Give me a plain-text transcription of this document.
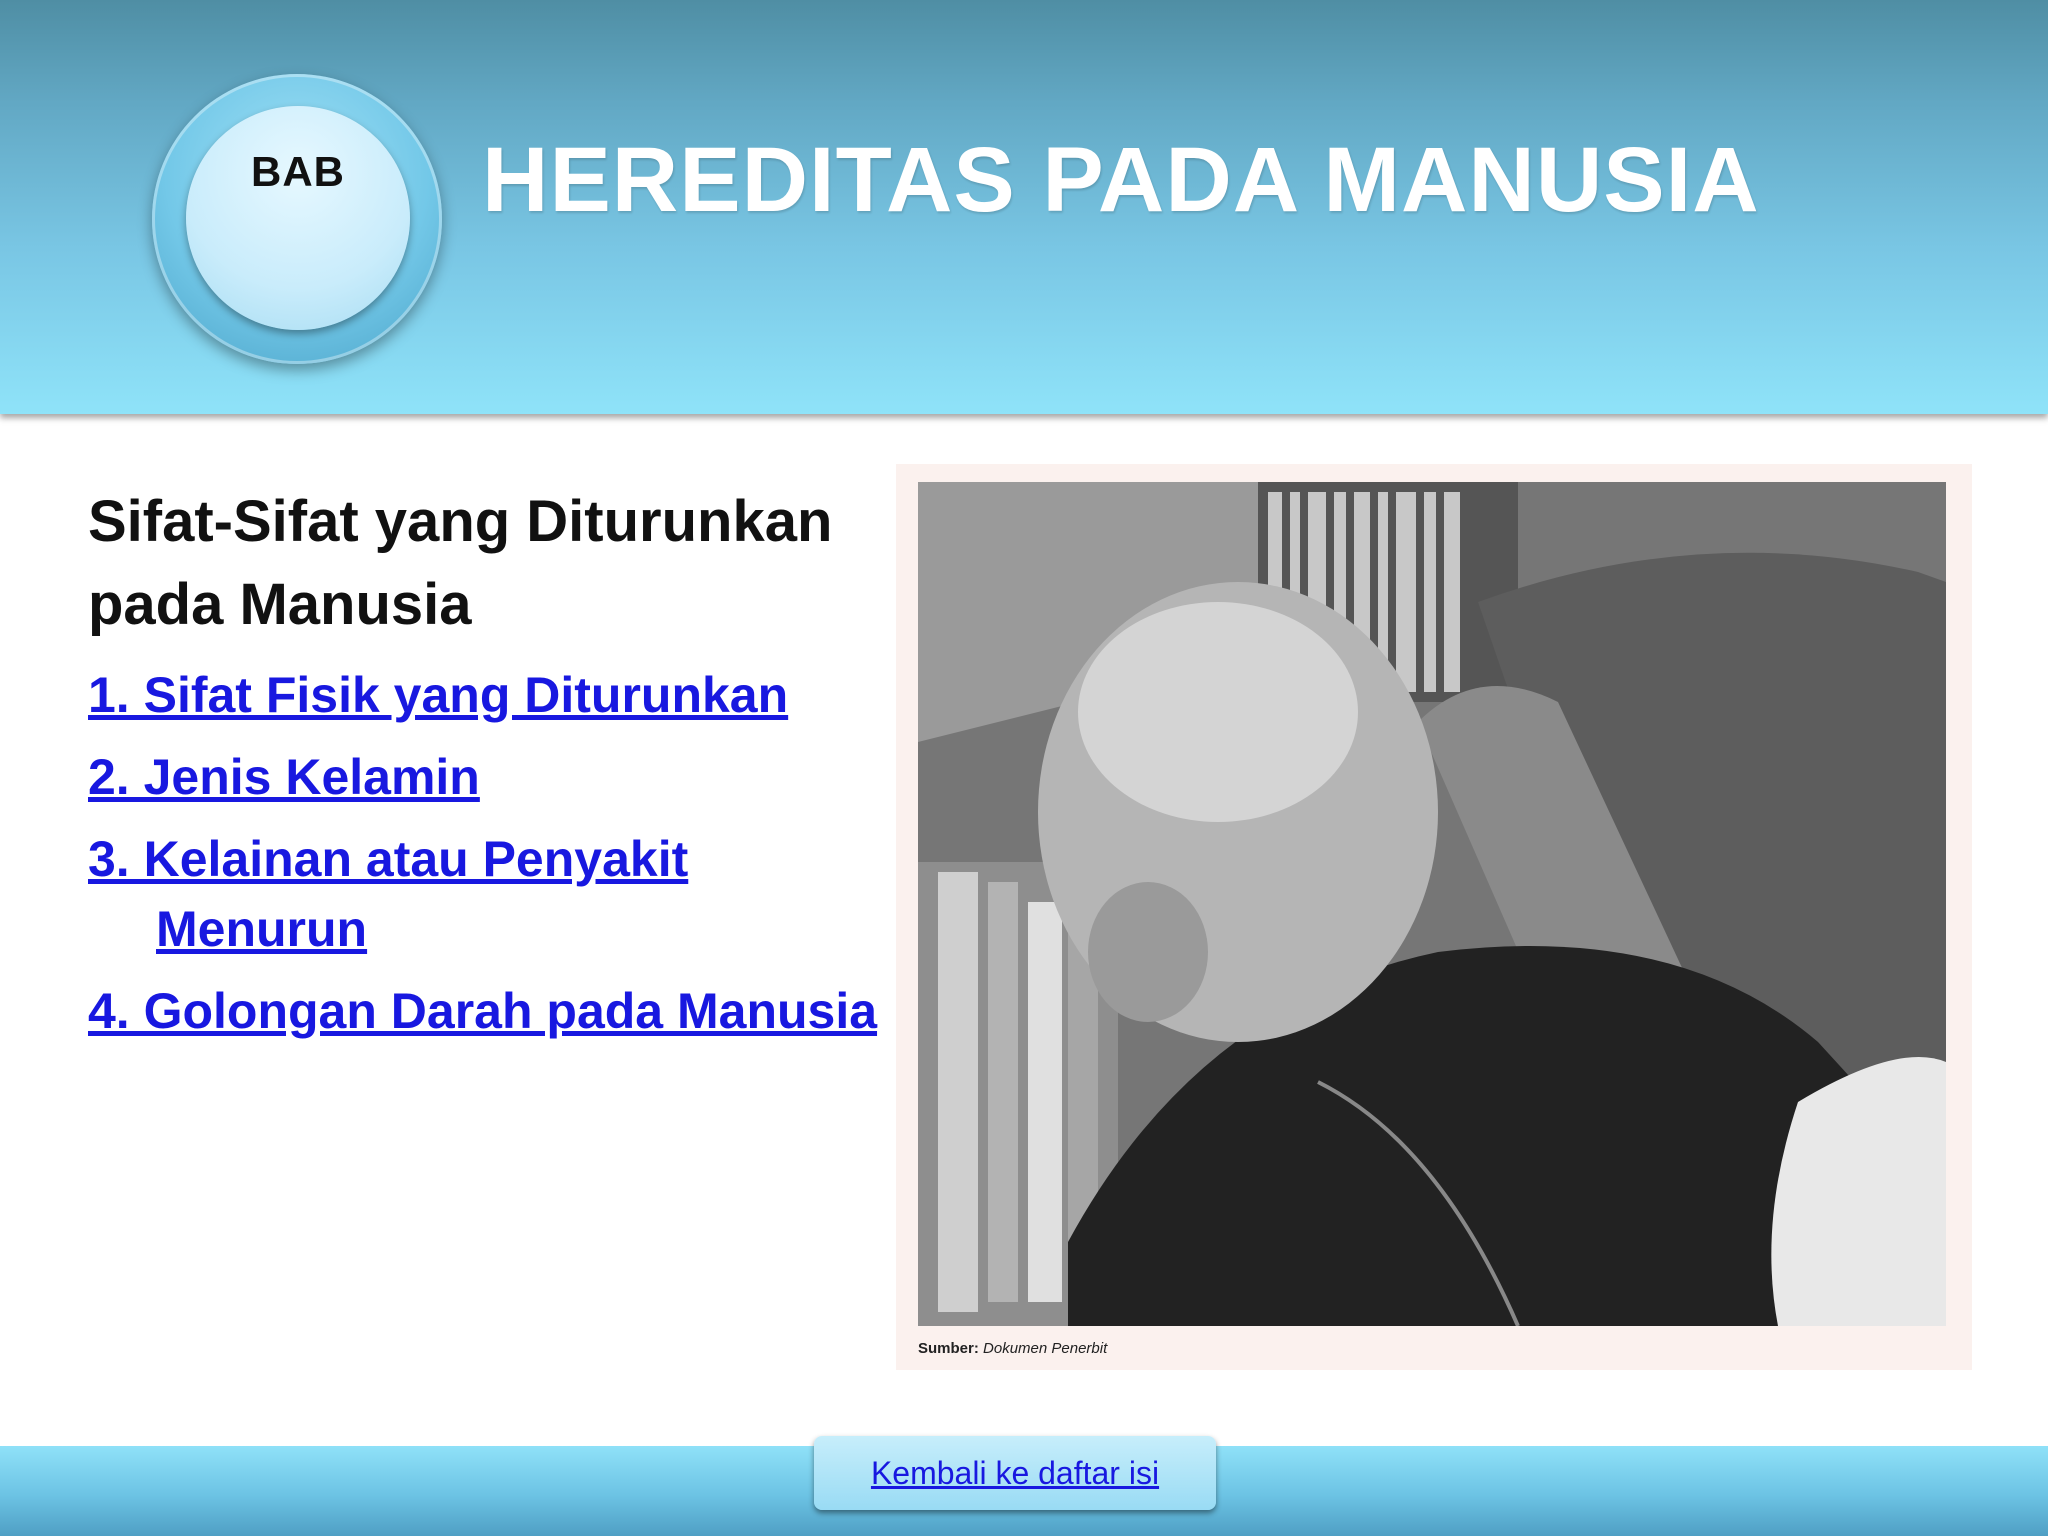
BAB	HEREDITAS PADA MANUSIA
Sifat-Sifat yang Diturunkan pada Manusia
1. Sifat Fisik yang Diturunkan
2. Jenis Kelamin
3. Kelainan atau Penyakit Menurun
4. Golongan Darah pada Manusia
Sumber: Dokumen Penerbit
Kembali ke daftar isi
